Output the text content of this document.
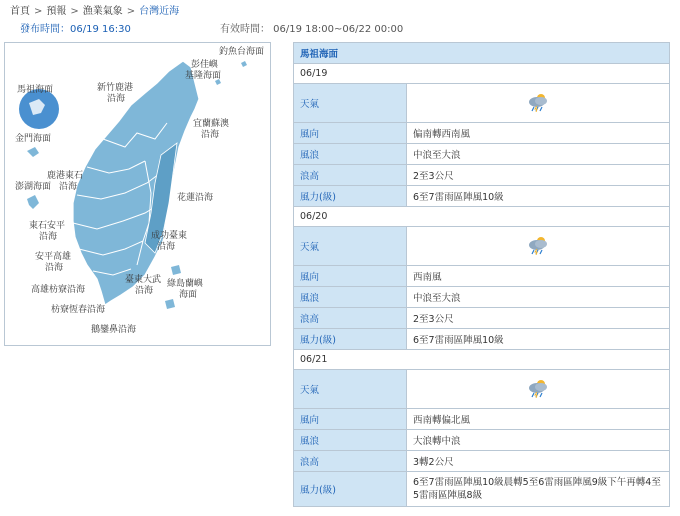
首頁 > 預報 > 漁業氣象 > 台灣近海
發布時間：06/19 16:30	有效時間： 06/19 18:00~06/22 00:00
釣魚台海面
彭佳嶼
基隆海面
馬祖海面	新竹鹿港
沿海
宜蘭蘇澳
沿海
金門海面
鹿港東石
沿海
澎湖海面
花蓮沿海
東石安平
沿海	成功臺東
沿海
安平高雄
沿海
臺東大武
沿海
綠島蘭嶼
海面
高雄枋寮沿海
枋寮恆春沿海
鵝鑾鼻沿海
馬祖海面	
06/19	
天氣	
風向	偏南轉西南風
風浪	中浪至大浪
浪高	2至3公尺
風力(級)	6至7雷雨區陣風10級
06/20	
天氣	
風向	西南風
風浪	中浪至大浪
浪高	2至3公尺
風力(級)	6至7雷雨區陣風10級
06/21	
天氣	
風向	西南轉偏北風
風浪	大浪轉中浪
浪高	3轉2公尺
風力(級)	6至7雷雨區陣風10級晨轉5至6雷雨區陣風9級下午再轉4至5雷雨區陣風8級
